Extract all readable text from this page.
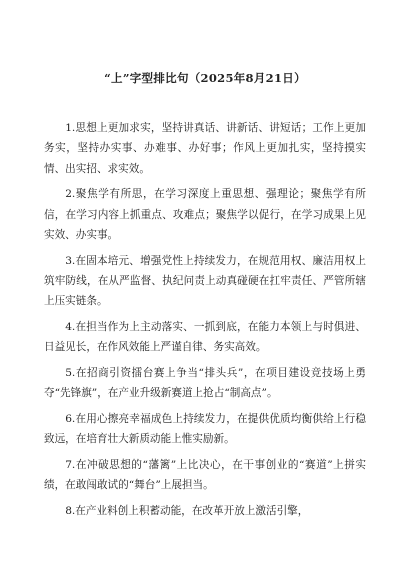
“上”字型排比句（2025年8月21日）

1.思想上更加求实，坚持讲真话、讲新话、讲短话；工作上更加务实，坚持办实事、办难事、办好事；作风上更加扎实，坚持摸实情、出实招、求实效。

2.聚焦学有所思，在学习深度上重思想、强理论；聚焦学有所信，在学习内容上抓重点、攻难点；聚焦学以促行，在学习成果上见实效、办实事。

3.在固本培元、增强党性上持续发力，在规范用权、廉洁用权上筑牢防线，在从严监督、执纪问责上动真碰硬在扛牢责任、严管所辖上压实链条。

4.在担当作为上主动落实、一抓到底，在能力本领上与时俱进、日益见长，在作风效能上严谨自律、务实高效。

5.在招商引资擂台赛上争当“排头兵”，在项目建设竞技场上勇夺“先锋旗”，在产业升级新赛道上抢占“制高点”。

6.在用心擦亮幸福成色上持续发力，在提供优质均衡供给上行稳致远，在培育壮大新质动能上惟实励新。

7.在冲破思想的“藩篱”上比决心，在干事创业的“赛道”上拼实绩，在敢闯敢试的“舞台”上展担当。

8.在产业料创上积蓄动能，在改革开放上激活引擎，
